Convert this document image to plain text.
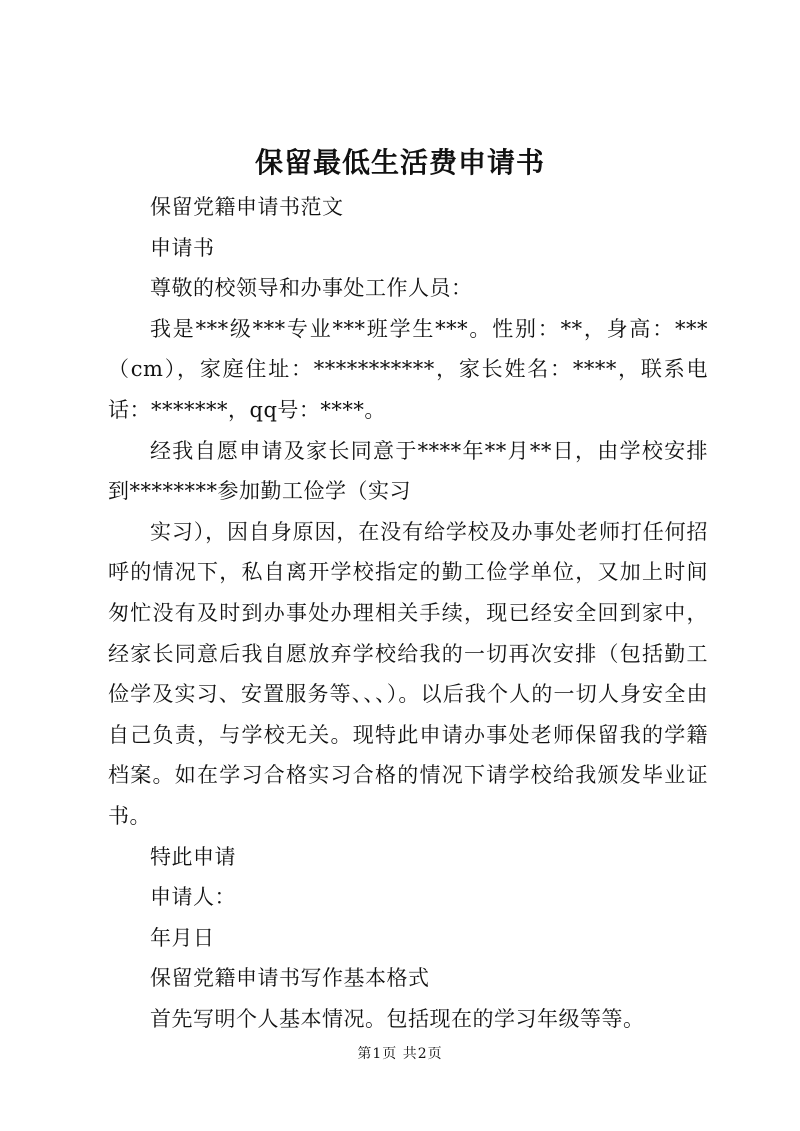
保留最低生活费申请书

保留党籍申请书范文

申请书

尊敬的校领导和办事处工作人员：

我是***级***专业***班学生***。性别：**，身高：***（cm），家庭住址：***********，家长姓名：****，联系电话：*******，qq号：****。

经我自愿申请及家长同意于****年**月**日，由学校安排到********参加勤工俭学（实习

实习），因自身原因，在没有给学校及办事处老师打任何招呼的情况下，私自离开学校指定的勤工俭学单位，又加上时间匆忙没有及时到办事处办理相关手续，现已经安全回到家中，经家长同意后我自愿放弃学校给我的一切再次安排（包括勤工俭学及实习、安置服务等、、、）。以后我个人的一切人身安全由自己负责，与学校无关。现特此申请办事处老师保留我的学籍档案。如在学习合格实习合格的情况下请学校给我颁发毕业证书。

特此申请

申请人：

年月日

保留党籍申请书写作基本格式

首先写明个人基本情况。包括现在的学习年级等等。

第1页 共2页
